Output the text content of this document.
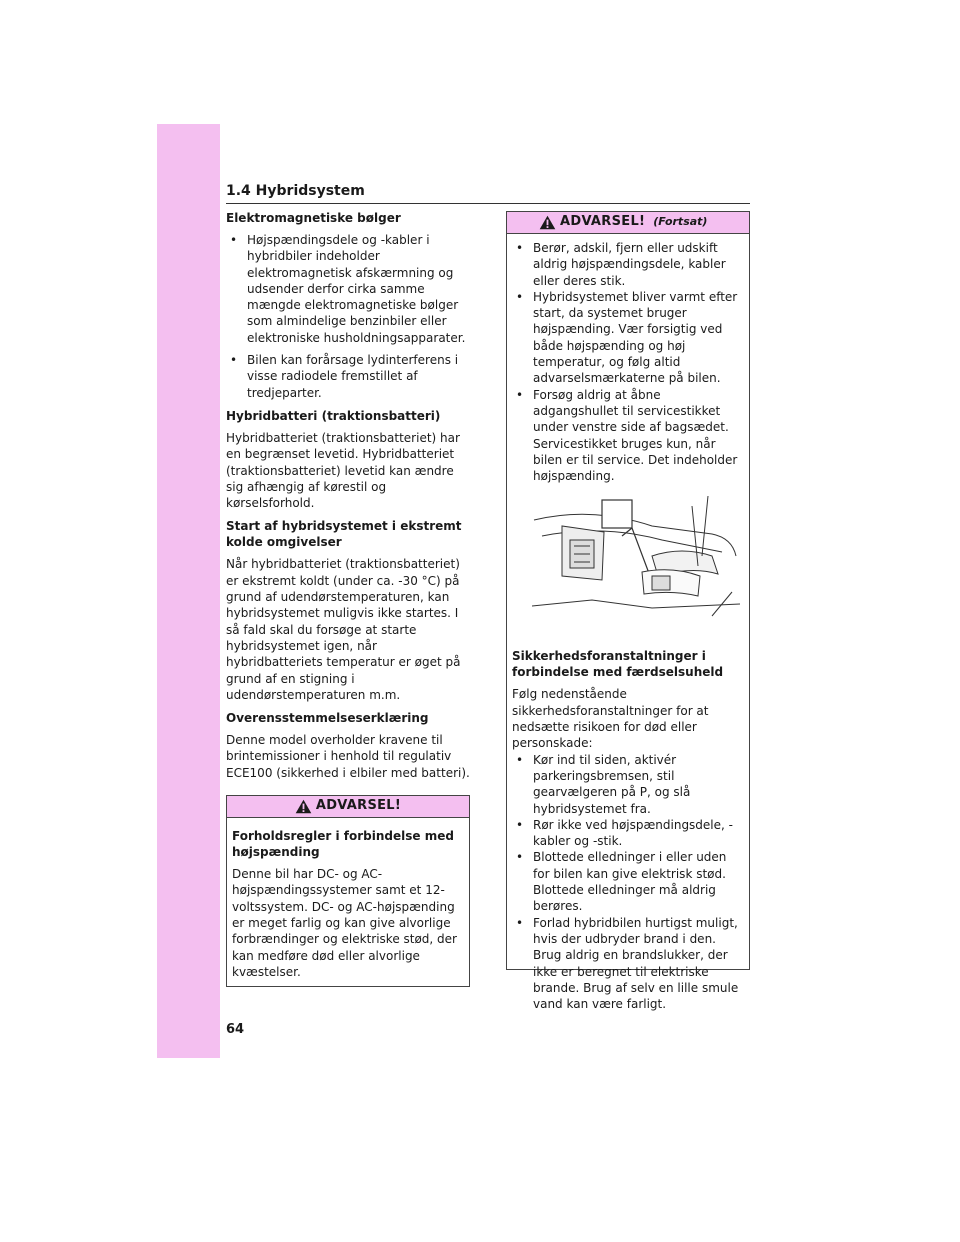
1.4 Hybridsystem
Elektromagnetiske bølger
• Højspændingsdele og -kabler i hybridbiler indeholder elektromagnetisk afskærmning og udsender derfor cirka samme mængde elektromagnetiske bølger som almindelige benzinbiler eller elektroniske husholdningsapparater.
• Bilen kan forårsage lydinterferens i visse radiodele fremstillet af tredjeparter.
Hybridbatteri (traktionsbatteri)

Hybridbatteriet (traktionsbatteriet) har en begrænset levetid. Hybridbatteriet (traktionsbatteriet) levetid kan ændre sig afhængig af kørestil og kørselsforhold.

Start af hybridsystemet i ekstremt kolde omgivelser

Når hybridbatteriet (traktionsbatteriet) er ekstremt koldt (under ca. -30 °C) på grund af udendørstemperaturen, kan hybridsystemet muligvis ikke startes. I så fald skal du forsøge at starte hybridsystemet igen, når hybridbatteriets temperatur er øget på grund af en stigning i udendørstemperaturen m.m.

Overensstemmelseserklæring

Denne model overholder kravene til brintemissioner i henhold til regulativ ECE100 (sikkerhed i elbiler med batteri).

ADVARSEL!
Forholdsregler i forbindelse med højspænding

Denne bil har DC- og AC-højspændingssystemer samt et 12-voltssystem. DC- og AC-højspænding er meget farlig og kan give alvorlige forbrændinger og elektriske stød, der kan medføre død eller alvorlige kvæstelser.

ADVARSEL! (Fortsat)
• Berør, adskil, fjern eller udskift aldrig højspændingsdele, kabler eller deres stik.
• Hybridsystemet bliver varmt efter start, da systemet bruger højspænding. Vær forsigtig ved både højspænding og høj temperatur, og følg altid advarselsmærkaterne på bilen.
• Forsøg aldrig at åbne adgangshullet til servicestikket under venstre side af bagsædet. Servicestikket bruges kun, når bilen er til service. Det indeholder højspænding.
Sikkerhedsforanstaltninger i forbindelse med færdselsuheld

Følg nedenstående sikkerhedsforanstaltninger for at nedsætte risikoen for død eller personskade:

• Kør ind til siden, aktivér parkeringsbremsen, stil gearvælgeren på P, og slå hybridsystemet fra.
• Rør ikke ved højspændingsdele, -kabler og -stik.
• Blottede elledninger i eller uden for bilen kan give elektrisk stød. Blottede elledninger må aldrig berøres.
• Forlad hybridbilen hurtigst muligt, hvis der udbryder brand i den. Brug aldrig en brandslukker, der ikke er beregnet til elektriske brande. Brug af selv en lille smule vand kan være farligt.
64
